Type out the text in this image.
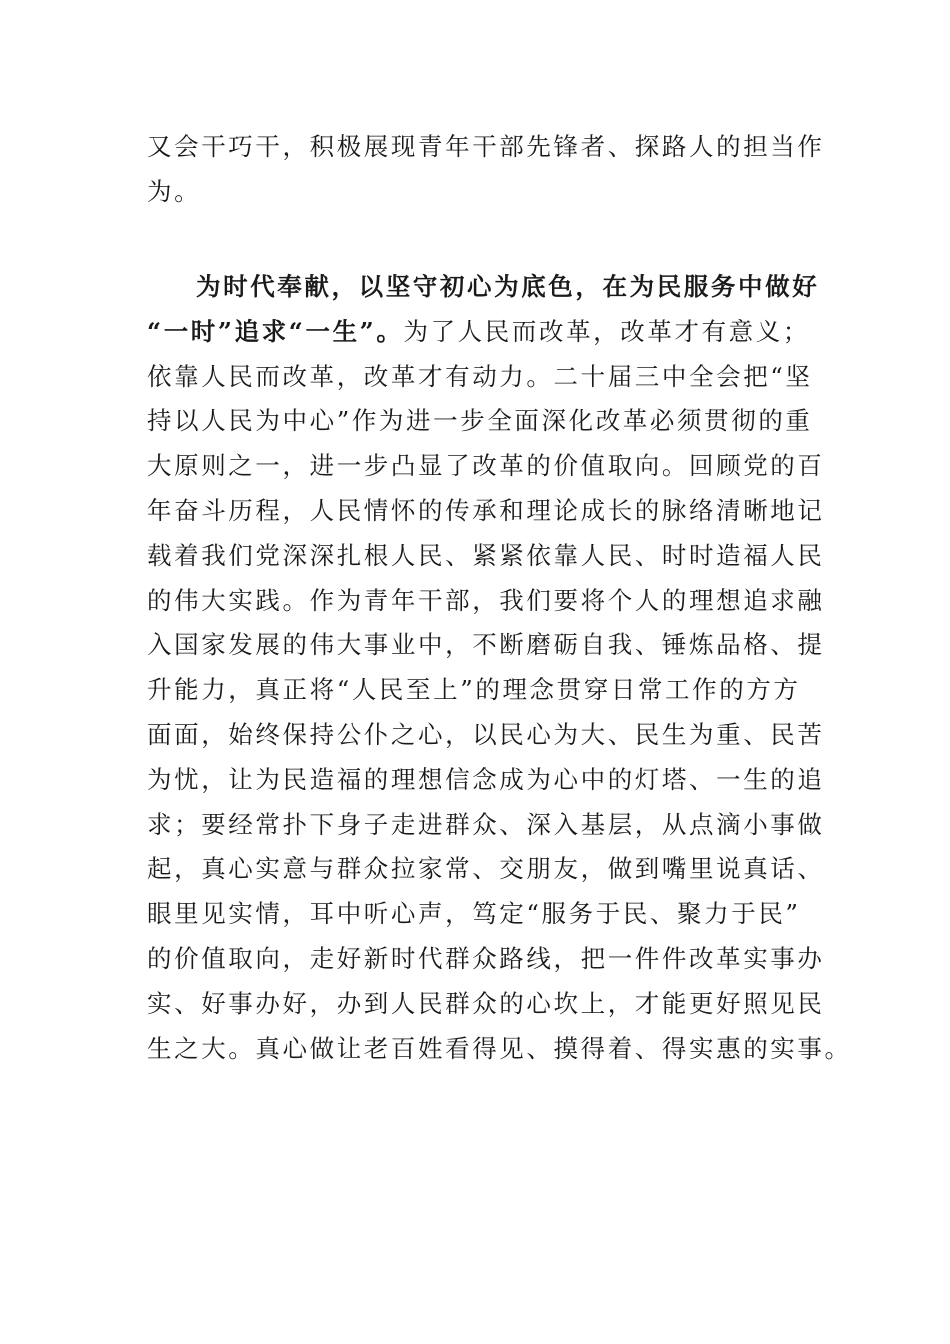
又会干巧干，积极展现青年干部先锋者、探路人的担当作
为。
为时代奉献，以坚守初心为底色，在为民服务中做好
“一时”追求“一生”。为了人民而改革，改革才有意义；
依靠人民而改革，改革才有动力。二十届三中全会把“坚
持以人民为中心”作为进一步全面深化改革必须贯彻的重
大原则之一，进一步凸显了改革的价值取向。回顾党的百
年奋斗历程，人民情怀的传承和理论成长的脉络清晰地记
载着我们党深深扎根人民、紧紧依靠人民、时时造福人民
的伟大实践。作为青年干部，我们要将个人的理想追求融
入国家发展的伟大事业中，不断磨砺自我、锤炼品格、提
升能力，真正将“人民至上”的理念贯穿日常工作的方方
面面，始终保持公仆之心，以民心为大、民生为重、民苦
为忧，让为民造福的理想信念成为心中的灯塔、一生的追
求；要经常扑下身子走进群众、深入基层，从点滴小事做
起，真心实意与群众拉家常、交朋友，做到嘴里说真话、
眼里见实情，耳中听心声，笃定“服务于民、聚力于民”
的价值取向，走好新时代群众路线，把一件件改革实事办
实、好事办好，办到人民群众的心坎上，才能更好照见民
生之大。真心做让老百姓看得见、摸得着、得实惠的实事。
